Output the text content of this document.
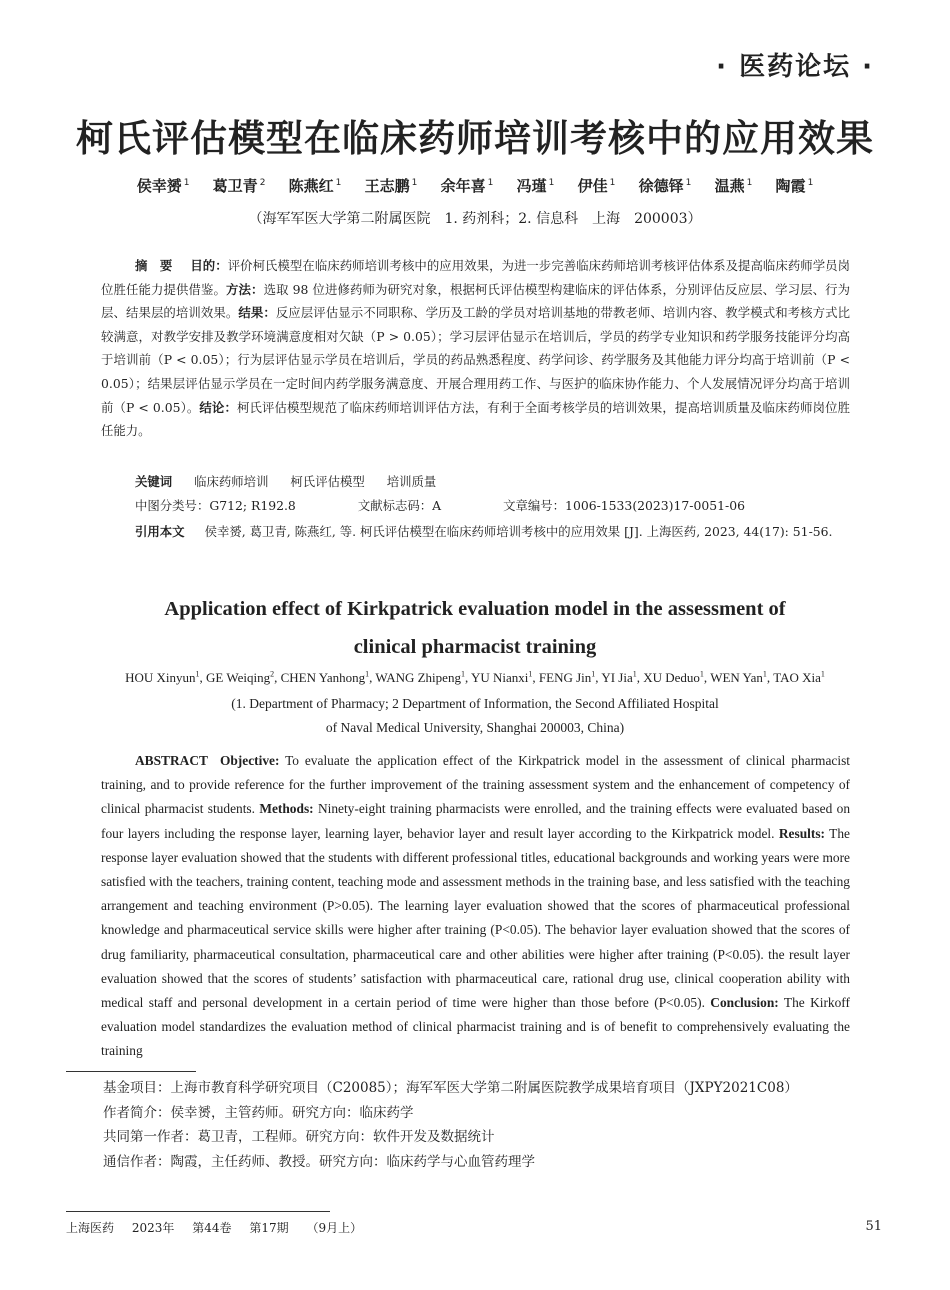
· 医药论坛 ·
柯氏评估模型在临床药师培训考核中的应用效果
侯幸赟 $^1$ 葛卫青 $^2$ 陈燕红 $^1$ 王志鹏 $^1$ 余年喜 $^1$ 冯瑾 $^1$ 伊佳 $^1$ 徐德铎 $^1$ 温燕 $^1$ 陶霞 $^1$
（海军军医大学第二附属医院　1. 药剂科；2. 信息科　上海　200003）
摘　要 目的：评价柯氏模型在临床药师培训考核中的应用效果，为进一步完善临床药师培训考核评估体系及提高临床药师学员岗位胜任能力提供借鉴。方法：选取 98 位进修药师为研究对象，根据柯氏评估模型构建临床的评估体系，分别评估反应层、学习层、行为层、结果层的培训效果。结果：反应层评估显示不同职称、学历及工龄的学员对培训基地的带教老师、培训内容、教学模式和考核方式比较满意，对教学安排及教学环境满意度相对欠缺（P > 0.05）；学习层评估显示在培训后，学员的药学专业知识和药学服务技能评分均高于培训前（P < 0.05）；行为层评估显示学员在培训后，学员的药品熟悉程度、药学问诊、药学服务及其他能力评分均高于培训前（P < 0.05）；结果层评估显示学员在一定时间内药学服务满意度、开展合理用药工作、与医护的临床协作能力、个人发展情况评分均高于培训前（P < 0.05）。结论：柯氏评估模型规范了临床药师培训评估方法，有利于全面考核学员的培训效果，提高培训质量及临床药师岗位胜任能力。
关键词 临床药师培训 柯氏评估模型 培训质量
中图分类号：G712; R192.8	文献标志码：A	文章编号：1006-1533(2023)17-0051-06
引用本文 侯幸赟, 葛卫青, 陈燕红, 等. 柯氏评估模型在临床药师培训考核中的应用效果 [J]. 上海医药, 2023, 44(17): 51-56.
Application effect of Kirkpatrick evaluation model in the assessment of clinical pharmacist training
HOU Xinyun$^1$, GE Weiqing$^2$, CHEN Yanhong$^1$, WANG Zhipeng$^1$, YU Nianxi$^1$, FENG Jin$^1$, YI Jia$^1$, XU Deduo$^1$, WEN Yan$^1$, TAO Xia$^1$
(1. Department of Pharmacy; 2 Department of Information, the Second Affiliated Hospital
of Naval Medical University, Shanghai 200003, China)
ABSTRACT Objective: To evaluate the application effect of the Kirkpatrick model in the assessment of clinical pharmacist training, and to provide reference for the further improvement of the training assessment system and the enhancement of competency of clinical pharmacist students. Methods: Ninety-eight training pharmacists were enrolled, and the training effects were evaluated based on four layers including the response layer, learning layer, behavior layer and result layer according to the Kirkpatrick model. Results: The response layer evaluation showed that the students with different professional titles, educational backgrounds and working years were more satisfied with the teachers, training content, teaching mode and assessment methods in the training base, and less satisfied with the teaching arrangement and teaching environment (P>0.05). The learning layer evaluation showed that the scores of pharmaceutical professional knowledge and pharmaceutical service skills were higher after training (P<0.05). The behavior layer evaluation showed that the scores of drug familiarity, pharmaceutical consultation, pharmaceutical care and other abilities were higher after training (P<0.05). the result layer evaluation showed that the scores of students’ satisfaction with pharmaceutical care, rational drug use, clinical cooperation ability with medical staff and personal development in a certain period of time were higher than those before (P<0.05). Conclusion: The Kirkoff evaluation model standardizes the evaluation method of clinical pharmacist training and is of benefit to comprehensively evaluating the training
基金项目：上海市教育科学研究项目（C20085）；海军军医大学第二附属医院教学成果培育项目（JXPY2021C08）
作者简介：侯幸赟，主管药师。研究方向：临床药学
共同第一作者：葛卫青，工程师。研究方向：软件开发及数据统计
通信作者：陶霞，主任药师、教授。研究方向：临床药学与心血管药理学
上海医药 2023年 第44卷 第17期 （9月上）	51
